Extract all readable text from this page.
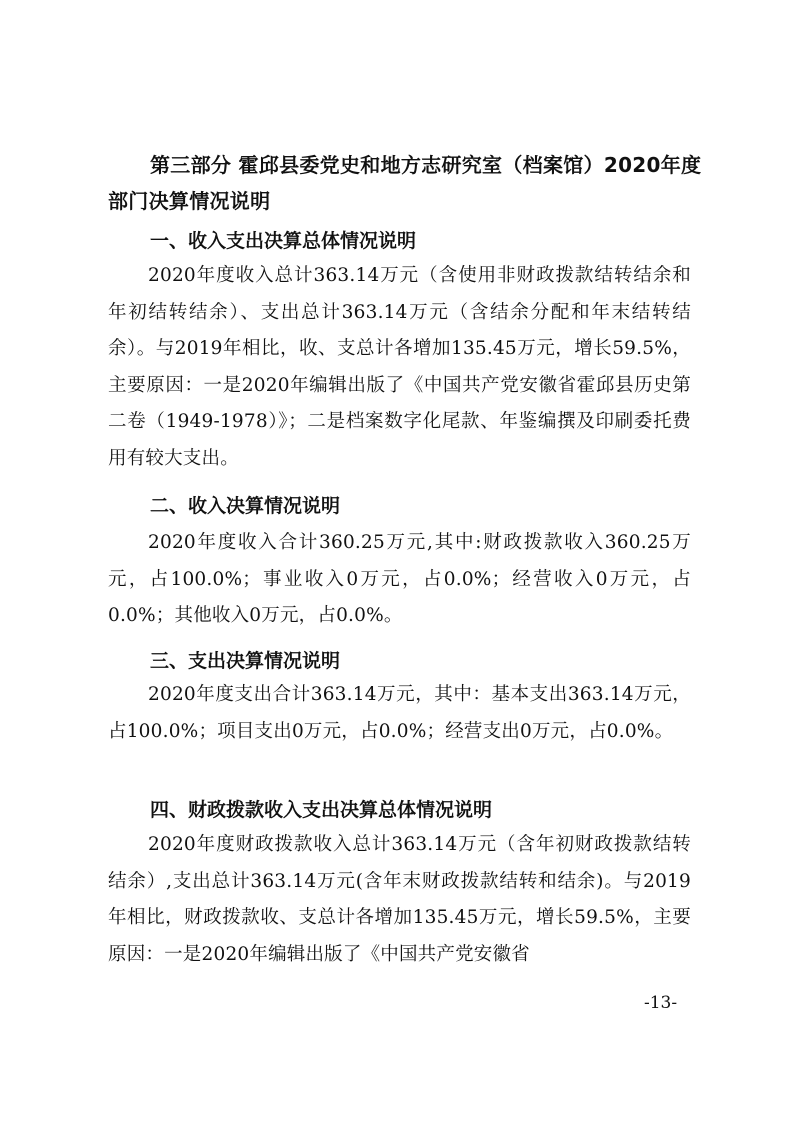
第三部分 霍邱县委党史和地方志研究室（档案馆）2020年度部门决算情况说明
一、收入支出决算总体情况说明

2020年度收入总计363.14万元（含使用非财政拨款结转结余和年初结转结余）、支出总计363.14万元（含结余分配和年末结转结余）。与2019年相比，收、支总计各增加135.45万元，增长59.5%，主要原因：一是2020年编辑出版了《中国共产党安徽省霍邱县历史第二卷（1949-1978）》；二是档案数字化尾款、年鉴编撰及印刷委托费用有较大支出。

二、收入决算情况说明

2020年度收入合计360.25万元,其中:财政拨款收入360.25万元，占100.0%；事业收入0万元，占0.0%；经营收入0万元，占0.0%；其他收入0万元，占0.0%。

三、支出决算情况说明

2020年度支出合计363.14万元，其中：基本支出363.14万元，占100.0%；项目支出0万元，占0.0%；经营支出0万元，占0.0%。

四、财政拨款收入支出决算总体情况说明

2020年度财政拨款收入总计363.14万元（含年初财政拨款结转结余）,支出总计363.14万元(含年末财政拨款结转和结余)。与2019年相比，财政拨款收、支总计各增加135.45万元，增长59.5%，主要原因：一是2020年编辑出版了《中国共产党安徽省

-13-
